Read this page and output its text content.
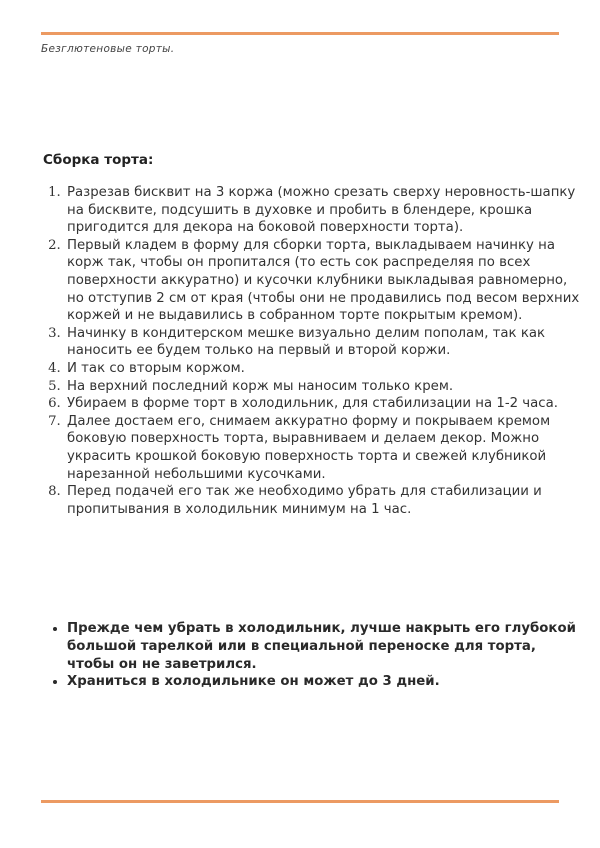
Безглютеновые торты.
Сборка торта:
1. Разрезав бисквит на 3 коржа (можно срезать сверху неровность-шапку на бисквите, подсушить в духовке и пробить в блендере, крошка пригодится для декора на боковой поверхности торта).
2. Первый кладем в форму для сборки торта, выкладываем начинку на корж так, чтобы он пропитался (то есть сок распределяя по всех поверхности аккуратно) и кусочки клубники выкладывая равномерно, но отступив 2 см от края (чтобы они не продавились под весом верхних коржей и не выдавились в собранном торте покрытым кремом).
3. Начинку в кондитерском мешке визуально делим пополам, так как наносить ее будем только на первый и второй коржи.
4. И так со вторым коржом.
5. На верхний последний корж мы наносим только крем.
6. Убираем в форме торт в холодильник, для стабилизации на 1-2 часа.
7. Далее достаем его, снимаем аккуратно форму и покрываем кремом боковую поверхность торта, выравниваем и делаем декор. Можно украсить крошкой боковую поверхность торта и свежей клубникой нарезанной небольшими кусочками.
8. Перед подачей его так же необходимо убрать для стабилизации и пропитывания в холодильник минимум на 1 час.
• Прежде чем убрать в холодильник, лучше накрыть его глубокой большой тарелкой или в специальной переноске для торта, чтобы он не заветрился.
• Храниться в холодильнике он может до 3 дней.
